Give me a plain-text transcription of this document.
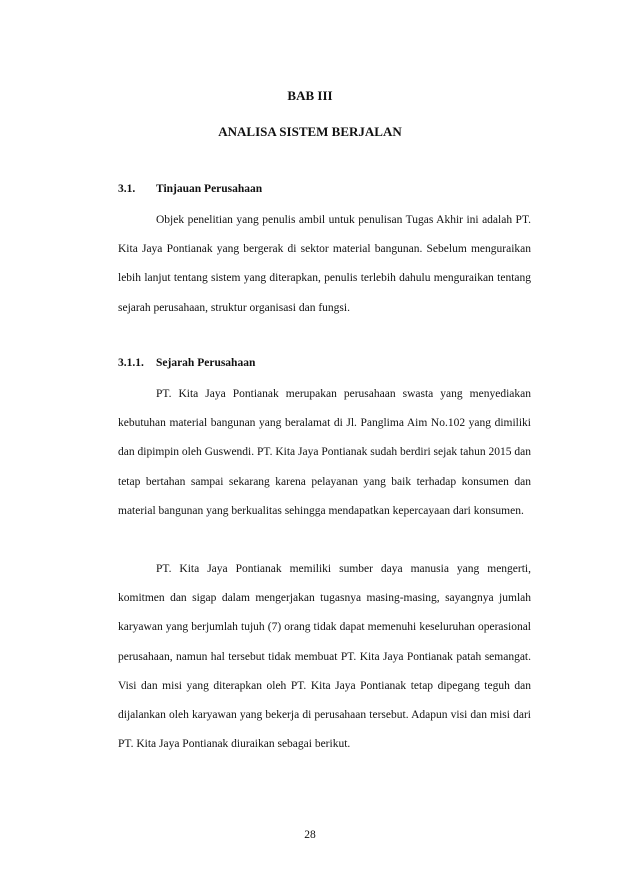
BAB III
ANALISA SISTEM BERJALAN
3.1. Tinjauan Perusahaan

Objek penelitian yang penulis ambil untuk penulisan Tugas Akhir ini adalah PT. Kita Jaya Pontianak yang bergerak di sektor material bangunan. Sebelum menguraikan lebih lanjut tentang sistem yang diterapkan, penulis terlebih dahulu menguraikan tentang sejarah perusahaan, struktur organisasi dan fungsi.

3.1.1. Sejarah Perusahaan

PT. Kita Jaya Pontianak merupakan perusahaan swasta yang menyediakan kebutuhan material bangunan yang beralamat di Jl. Panglima Aim No.102 yang dimiliki dan dipimpin oleh Guswendi. PT. Kita Jaya Pontianak sudah berdiri sejak tahun 2015 dan tetap bertahan sampai sekarang karena pelayanan yang baik terhadap konsumen dan material bangunan yang berkualitas sehingga mendapatkan kepercayaan dari konsumen.

PT. Kita Jaya Pontianak memiliki sumber daya manusia yang mengerti, komitmen dan sigap dalam mengerjakan tugasnya masing-masing, sayangnya jumlah karyawan yang berjumlah tujuh (7) orang tidak dapat memenuhi keseluruhan operasional perusahaan, namun hal tersebut tidak membuat PT. Kita Jaya Pontianak patah semangat. Visi dan misi yang diterapkan oleh PT. Kita Jaya Pontianak tetap dipegang teguh dan dijalankan oleh karyawan yang bekerja di perusahaan tersebut. Adapun visi dan misi dari PT. Kita Jaya Pontianak diuraikan sebagai berikut.

28
